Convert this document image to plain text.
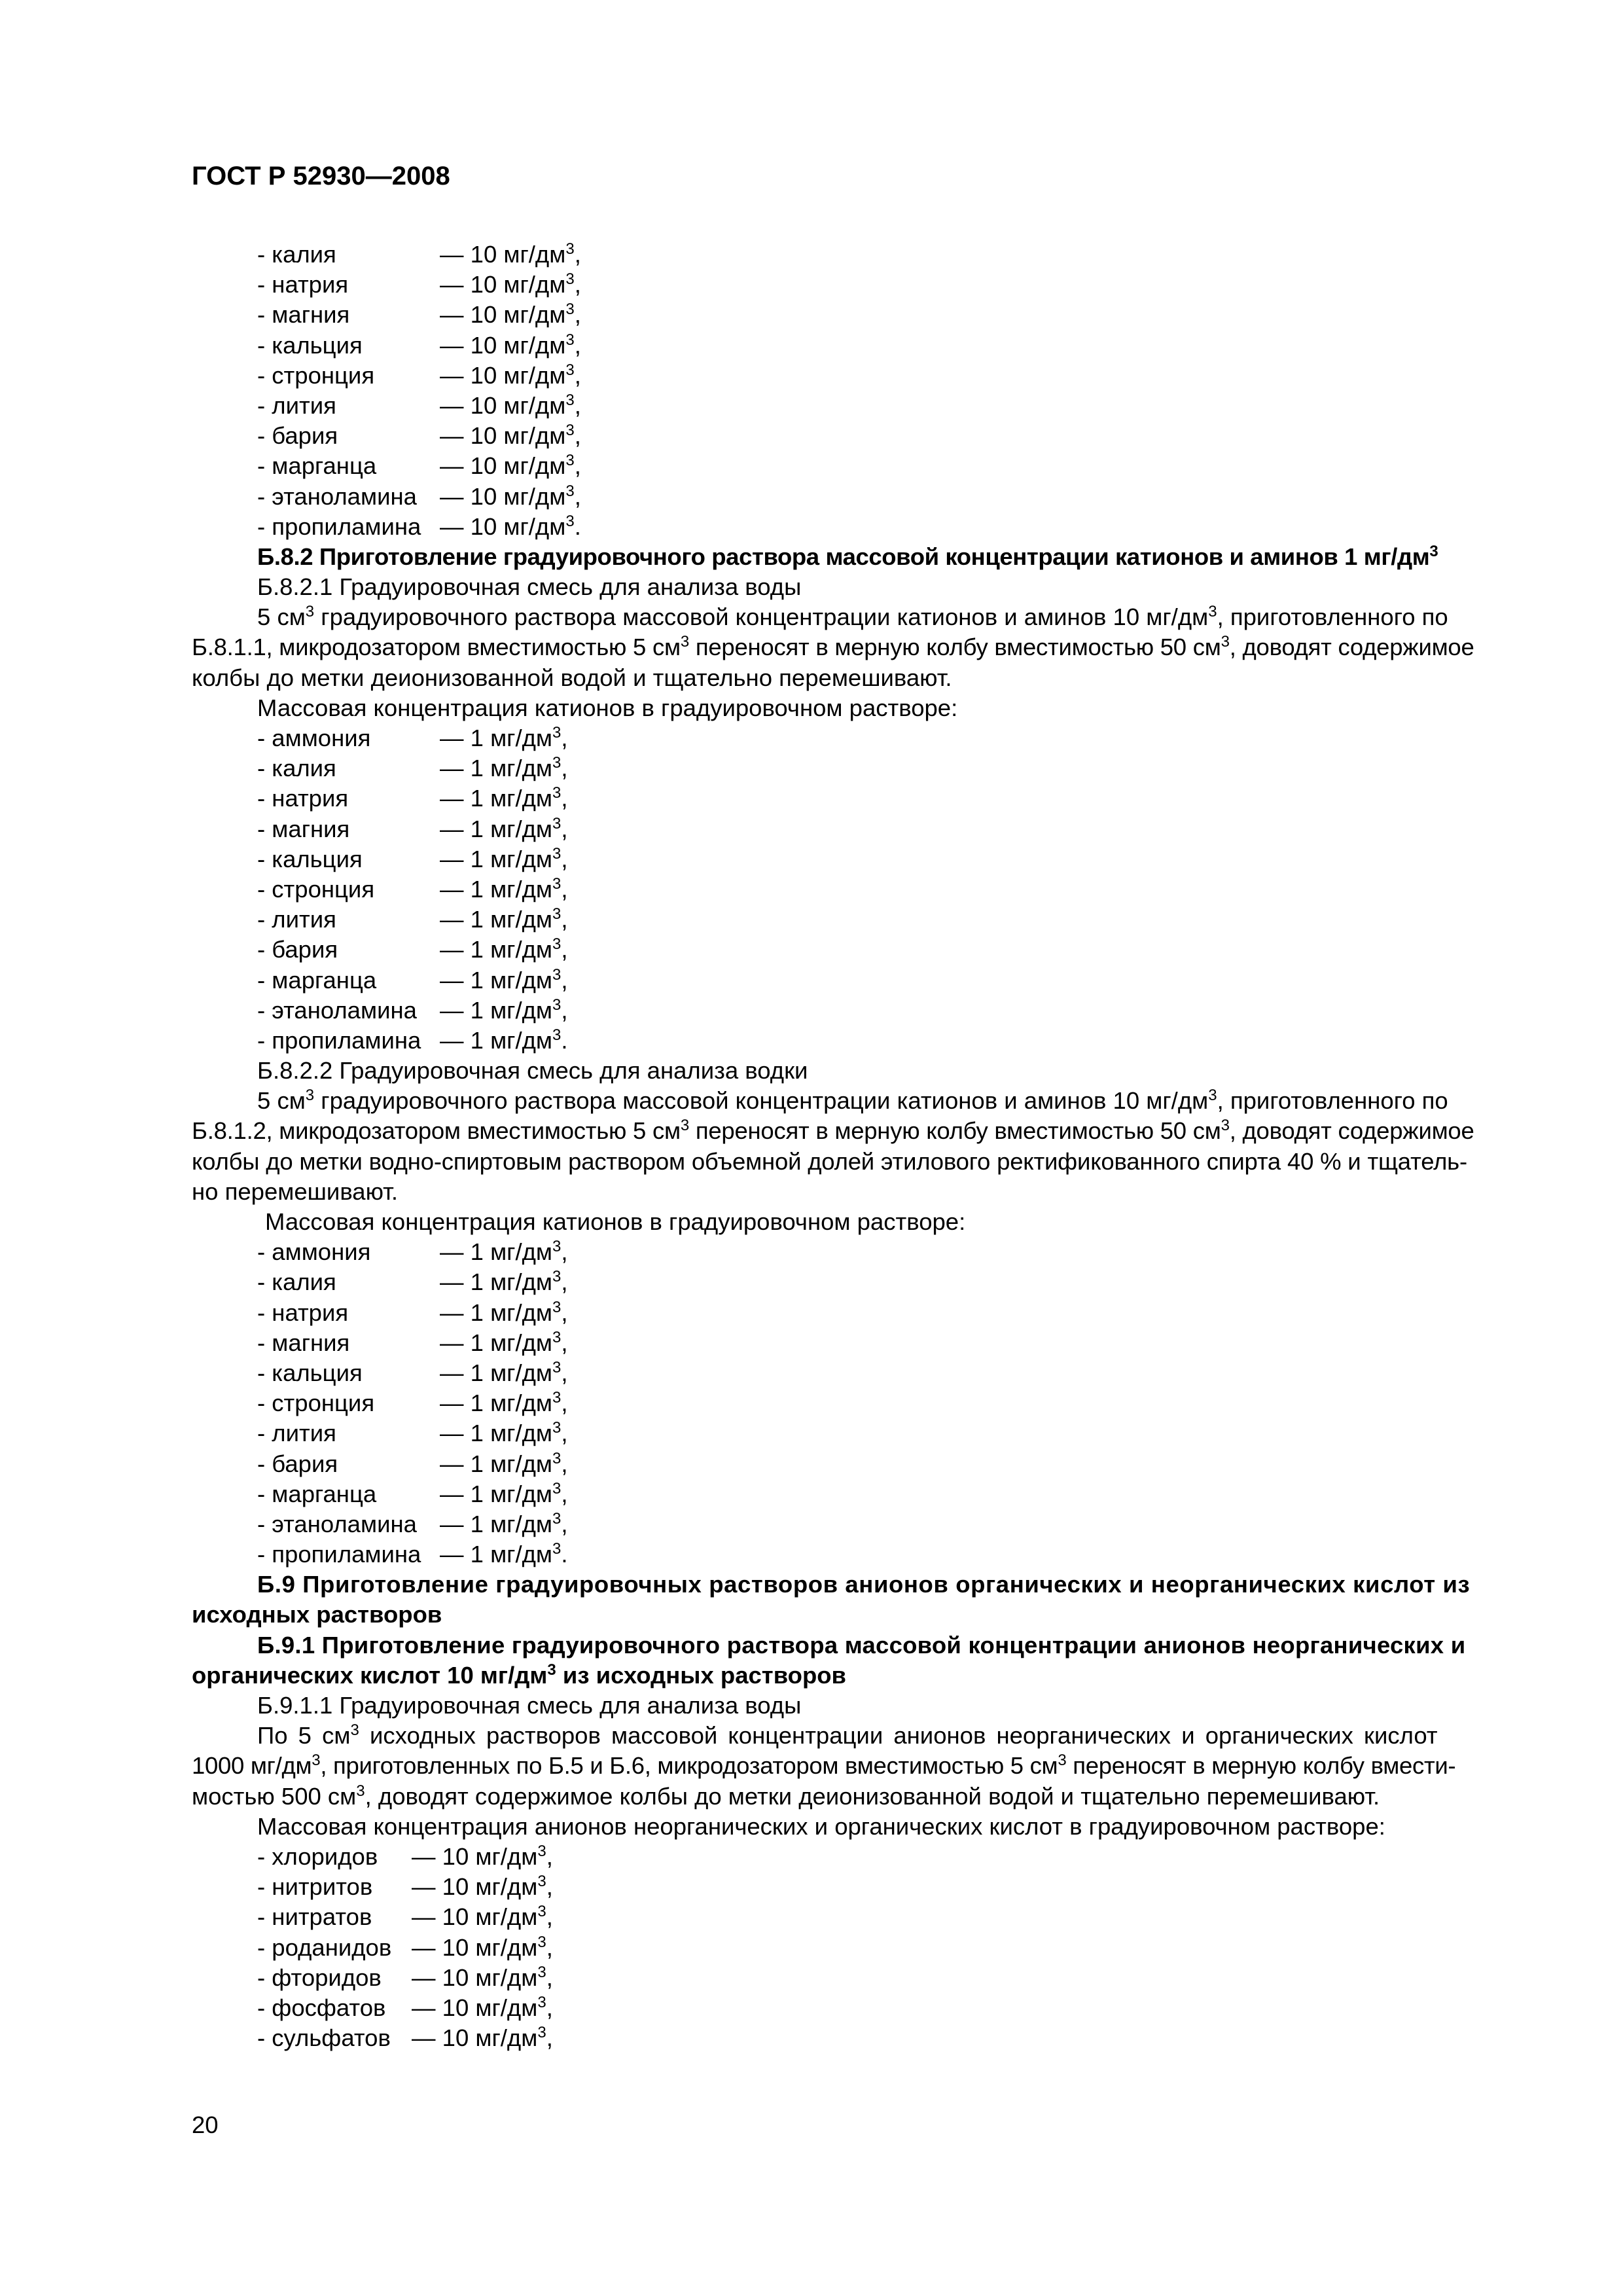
ГОСТ Р 52930—2008
- калия	— 10 $мг/дм^3$,
- натрия	— 10 $мг/дм^3$,
- магния	— 10 $мг/дм^3$,
- кальция	— 10 $мг/дм^3$,
- стронция	— 10 $мг/дм^3$,
- лития	— 10 $мг/дм^3$,
- бария	— 10 $мг/дм^3$,
- марганца	— 10 $мг/дм^3$,
- этаноламина — 10 $мг/дм^3$,
- пропиламина — 10 $мг/дм^3$.
Б.8.2 Приготовление градуировочного раствора массовой концентрации катионов и аминов 1 $мг/дм^3$
Б.8.2.1 Градуировочная смесь для анализа воды
5 $см^3$ градуировочного раствора массовой концентрации катионов и аминов 10 $мг/дм^3$, приготовленного по
Б.8.1.1, микродозатором вместимостью 5 $см^3$ переносят в мерную колбу вместимостью 50 $см^3$, доводят содержимое
колбы до метки деионизованной водой и тщательно перемешивают.
Массовая концентрация катионов в градуировочном растворе:
- аммония	— 1 $мг/дм^3$,
- калия	— 1 $мг/дм^3$,
- натрия	— 1 $мг/дм^3$,
- магния	— 1 $мг/дм^3$,
- кальция	— 1 $мг/дм^3$,
- стронция	— 1 $мг/дм^3$,
- лития	— 1 $мг/дм^3$,
- бария	— 1 $мг/дм^3$,
- марганца	— 1 $мг/дм^3$,
- этаноламина — 1 $мг/дм^3$,
- пропиламина — 1 $мг/дм^3$.
Б.8.2.2 Градуировочная смесь для анализа водки
5 $см^3$ градуировочного раствора массовой концентрации катионов и аминов 10 $мг/дм^3$, приготовленного по
Б.8.1.2, микродозатором вместимостью 5 $см^3$ переносят в мерную колбу вместимостью 50 $см^3$, доводят содержимое
колбы до метки водно-спиртовым раствором объемной долей этилового ректификованного спирта 40 % и тщатель-
но перемешивают.
Массовая концентрация катионов в градуировочном растворе:
- аммония	— 1 $мг/дм^3$,
- калия	— 1 $мг/дм^3$,
- натрия	— 1 $мг/дм^3$,
- магния	— 1 $мг/дм^3$,
- кальция	— 1 $мг/дм^3$,
- стронция	— 1 $мг/дм^3$,
- лития	— 1 $мг/дм^3$,
- бария	— 1 $мг/дм^3$,
- марганца	— 1 $мг/дм^3$,
- этаноламина — 1 $мг/дм^3$,
- пропиламина — 1 $мг/дм^3$.
Б.9 Приготовление градуировочных растворов анионов органических и неорганических кислот из
исходных растворов
Б.9.1 Приготовление градуировочного раствора массовой концентрации анионов неорганических и
органических кислот 10 $мг/дм^3$ из исходных растворов
Б.9.1.1 Градуировочная смесь для анализа воды
По 5 $см^3$ исходных растворов массовой концентрации анионов неорганических и органических кислот
1000 $мг/дм^3$, приготовленных по Б.5 и Б.6, микродозатором вместимостью 5 $см^3$ переносят в мерную колбу вмести-
мостью 500 $см^3$, доводят содержимое колбы до метки деионизованной водой и тщательно перемешивают.
Массовая концентрация анионов неорганических и органических кислот в градуировочном растворе:
- хлоридов — 10 $мг/дм^3$,
- нитритов — 10 $мг/дм^3$,
- нитратов — 10 $мг/дм^3$,
- роданидов — 10 $мг/дм^3$,
- фторидов — 10 $мг/дм^3$,
- фосфатов — 10 $мг/дм^3$,
- сульфатов — 10 $мг/дм^3$,
20
